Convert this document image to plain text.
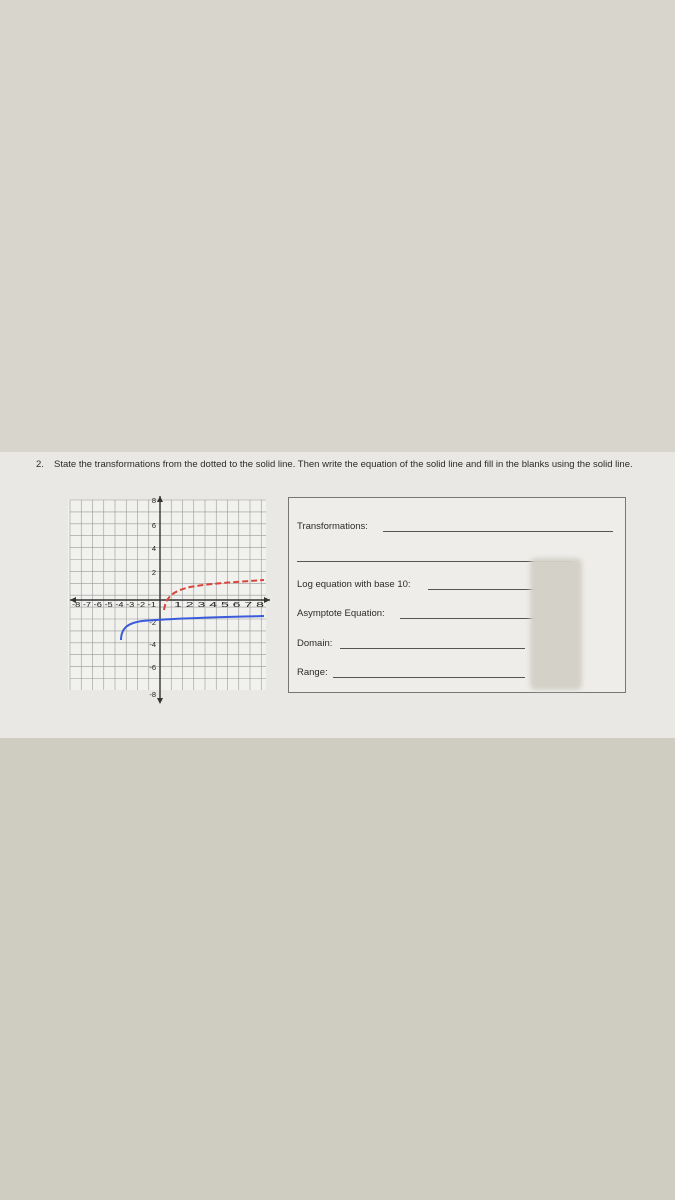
2. State the transformations from the dotted to the solid line. Then write the equation of the solid line and fill in the blanks using the solid line.
8
6
4
2
-2
-4
-6
-8
-8 -7 -6 -5 -4 -3 -2 -1	1 2 3 4 5 6 7 8
Transformations:
Log equation with base 10:
Asymptote Equation:
Domain:
Range:
